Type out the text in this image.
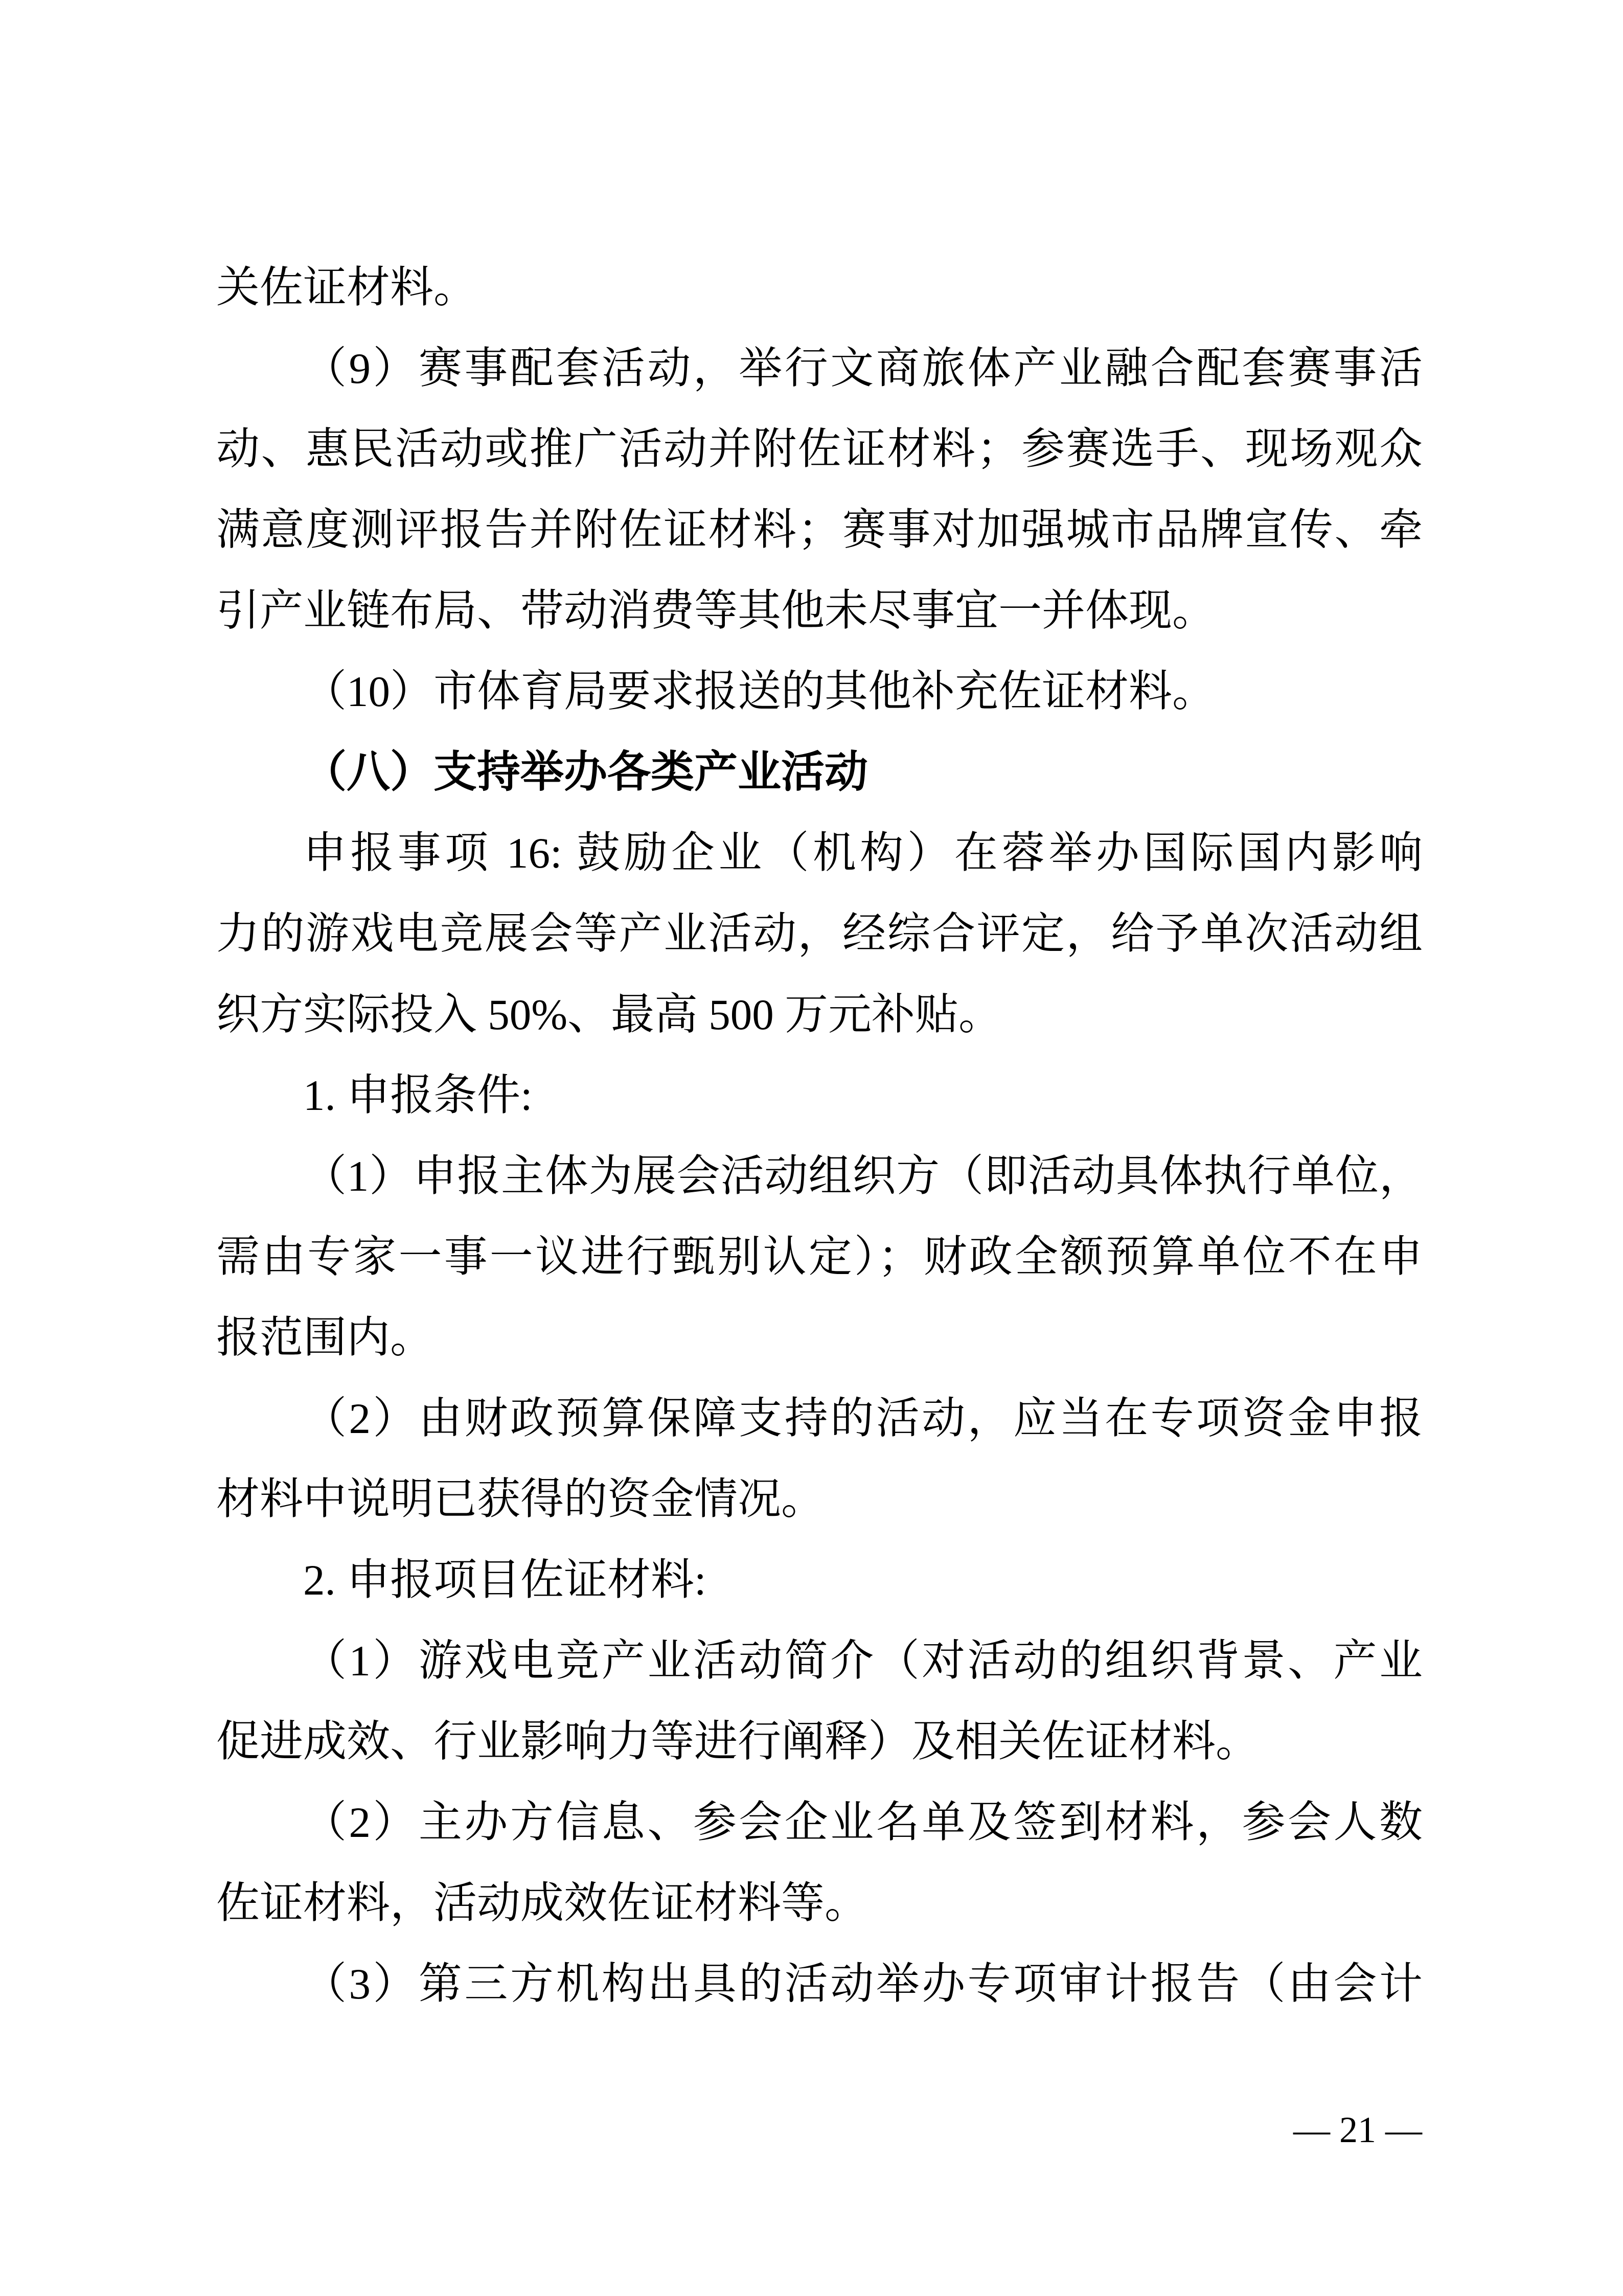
关佐证材料。
（9）赛事配套活动，举行文商旅体产业融合配套赛事活
动、惠民活动或推广活动并附佐证材料；参赛选手、现场观众
满意度测评报告并附佐证材料；赛事对加强城市品牌宣传、牵
引产业链布局、带动消费等其他未尽事宜一并体现。
（10）市体育局要求报送的其他补充佐证材料。
（八）支持举办各类产业活动
申报事项 16: 鼓励企业（机构）在蓉举办国际国内影响
力的游戏电竞展会等产业活动，经综合评定，给予单次活动组
织方实际投入 50%、最高 500 万元补贴。
1. 申报条件:
（1）申报主体为展会活动组织方（即活动具体执行单位，
需由专家一事一议进行甄别认定）；财政全额预算单位不在申
报范围内。
（2）由财政预算保障支持的活动，应当在专项资金申报
材料中说明已获得的资金情况。
2. 申报项目佐证材料:
（1）游戏电竞产业活动简介（对活动的组织背景、产业
促进成效、行业影响力等进行阐释）及相关佐证材料。
（2）主办方信息、参会企业名单及签到材料，参会人数
佐证材料，活动成效佐证材料等。
（3）第三方机构出具的活动举办专项审计报告（由会计
— 21 —
